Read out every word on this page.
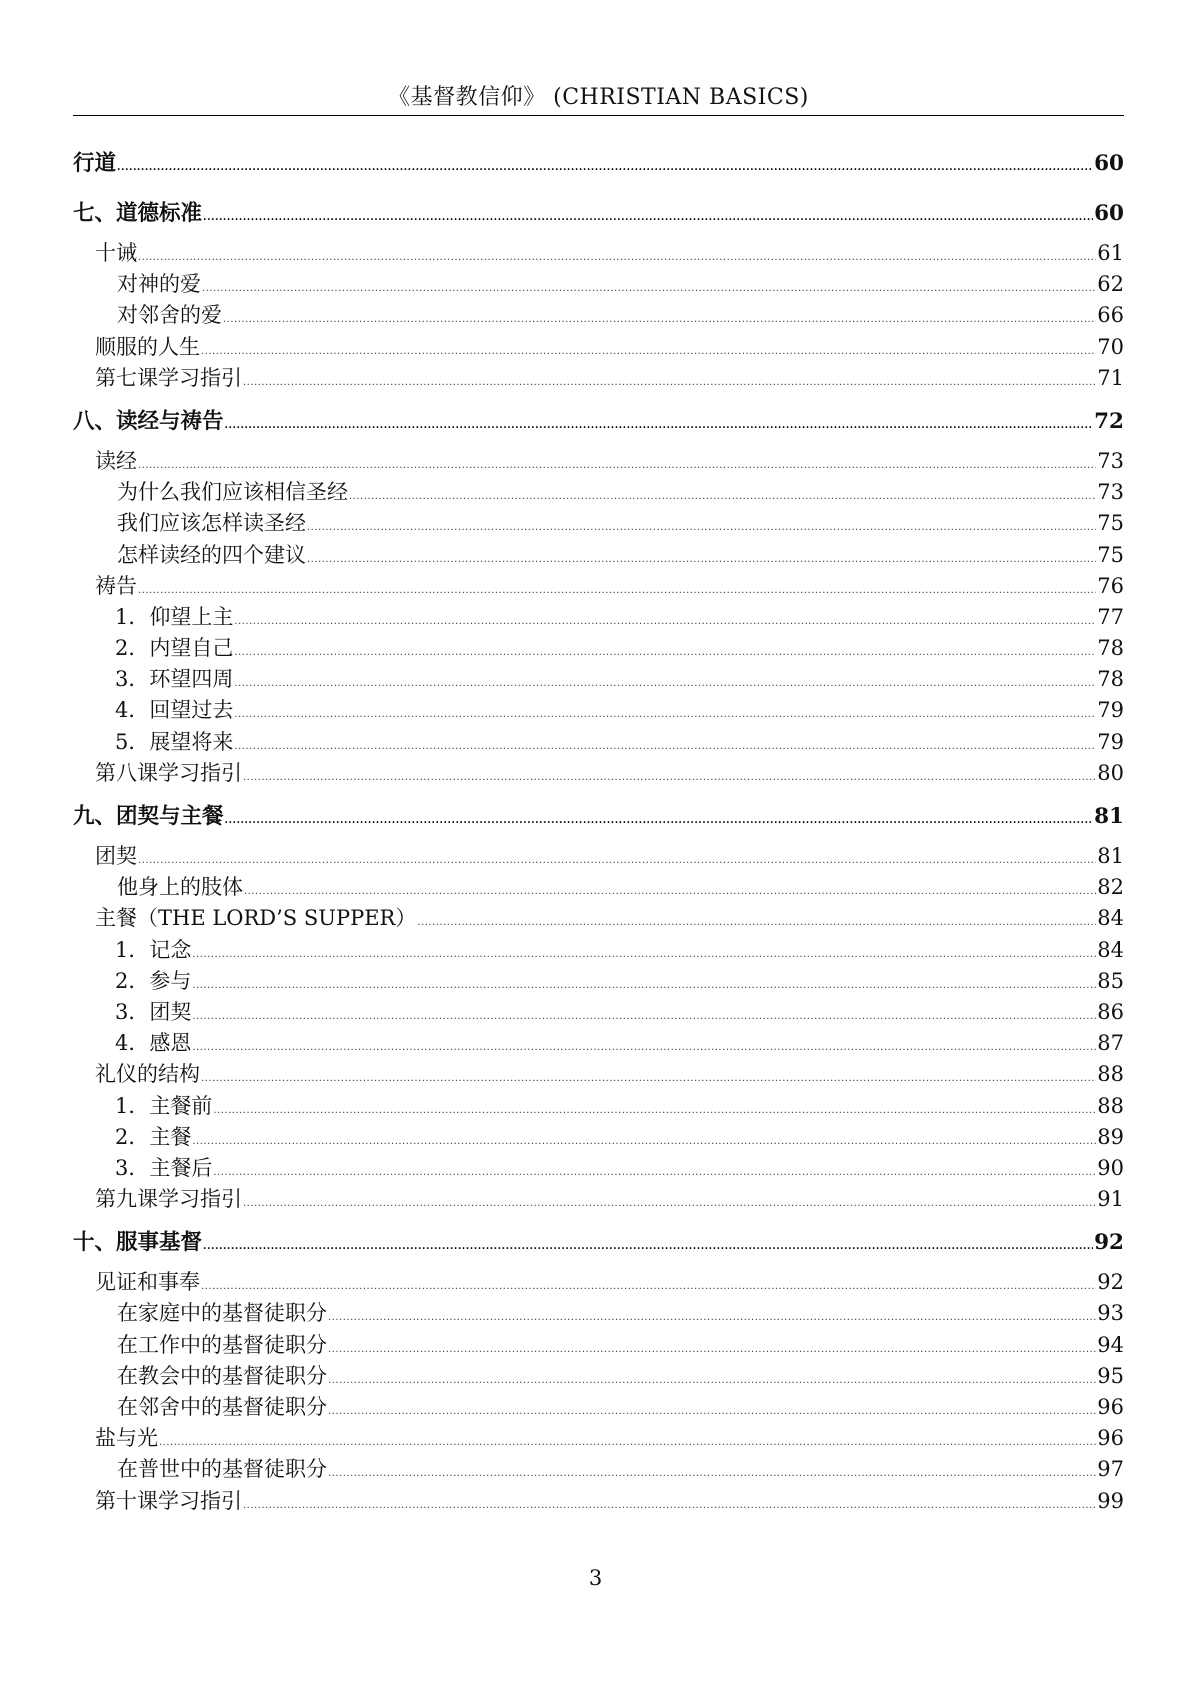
《基督教信仰》 (CHRISTIAN BASICS)
行道 .....	60
七、道德标准 .....	60
十诫 .....	61
对神的爱 .....	62
对邻舍的爱 .....	66
顺服的人生 .....	70
第七课学习指引 .....	71
八、读经与祷告 .....	72
读经 .....	73
为什么我们应该相信圣经 .....	73
我们应该怎样读圣经 .....	75
怎样读经的四个建议 .....	75
祷告 .....	76
1．仰望上主 .....	77
2．内望自己 .....	78
3．环望四周 .....	78
4．回望过去 .....	79
5．展望将来 .....	79
第八课学习指引 .....	80
九、团契与主餐 .....	81
团契 .....	81
他身上的肢体 .....	82
主餐（THE LORD’S SUPPER） .....	84
1．记念 .....	84
2．参与 .....	85
3．团契 .....	86
4．感恩 .....	87
礼仪的结构 .....	88
1．主餐前 .....	88
2．主餐 .....	89
3．主餐后 .....	90
第九课学习指引 .....	91
十、服事基督 .....	92
见证和事奉 .....	92
在家庭中的基督徒职分 .....	93
在工作中的基督徒职分 .....	94
在教会中的基督徒职分 .....	95
在邻舍中的基督徒职分 .....	96
盐与光 .....	96
在普世中的基督徒职分 .....	97
第十课学习指引 .....	99
3
